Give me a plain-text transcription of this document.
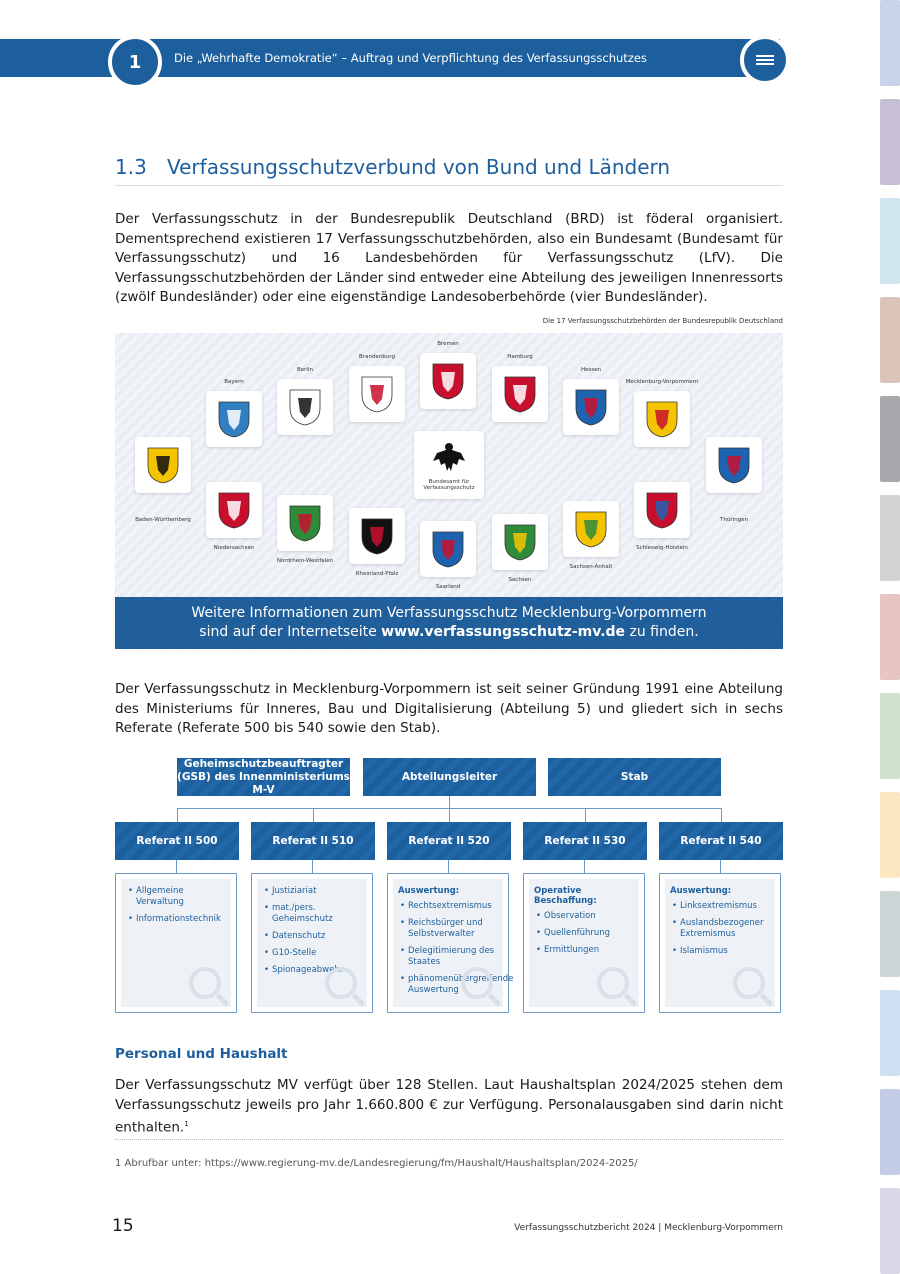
1	Die „Wehrhafte Demokratie“ – Auftrag und Verpflichtung des Verfassungsschutzes
1.3 Verfassungsschutzverbund von Bund und Ländern

Der Verfassungsschutz in der Bundesrepublik Deutschland (BRD) ist föderal organisiert. Dementsprechend existieren 17 Verfassungsschutzbehörden, also ein Bundesamt (Bundesamt für Verfassungsschutz) und 16 Landesbehörden für Verfassungsschutz (LfV). Die Verfassungsschutzbehörden der Länder sind entweder eine Abteilung des jeweiligen Innenressorts (zwölf Bundesländer) oder eine eigenständige Landesoberbehörde (vier Bundesländer).

Die 17 Verfassungsschutzbehörden der Bundesrepublik Deutschland
Bundesamt für Verfassungsschutz
Baden-Württemberg
Bayern
Berlin
Brandenburg
Bremen
Hamburg
Hessen
Mecklenburg-Vorpommern
Thüringen
Niedersachsen
Nordrhein-Westfalen
Rheinland-Pfalz
Saarland
Sachsen
Sachsen-Anhalt
Schleswig-Holstein
Weitere Informationen zum Verfassungsschutz Mecklenburg-Vorpommern
sind auf der Internetseite www.verfassungsschutz-mv.de zu finden.

Der Verfassungsschutz in Mecklenburg-Vorpommern ist seit seiner Gründung 1991 eine Abteilung des Ministeriums für Inneres, Bau und Digitalisierung (Abteilung 5) und gliedert sich in sechs Referate (Referate 500 bis 540 sowie den Stab).

Geheimschutzbeauftragter (GSB) des Innenministeriums M-V
Abteilungsleiter	Stab
Referat II 500
• Allgemeine Verwaltung
• Informationstechnik
Referat II 510
• Justiziariat
• mat./pers. Geheimschutz
• Datenschutz
• G10-Stelle
• Spionageabwehr
Referat II 520
Auswertung:
• Rechtsextremismus
• Reichsbürger und Selbstverwalter
• Delegitimierung des Staates
• phänomenübergreifende Auswertung
Referat II 530
Operative Beschaffung:
• Observation
• Quellenführung
• Ermittlungen
Referat II 540
Auswertung:
• Linksextremismus
• Auslandsbezogener Extremismus
• Islamismus
Personal und Haushalt

Der Verfassungsschutz MV verfügt über 128 Stellen. Laut Haushaltsplan 2024/2025 stehen dem Verfassungsschutz jeweils pro Jahr 1.660.800 € zur Verfügung. Personalausgaben sind darin nicht enthalten.$^1$

1 Abrufbar unter: https://www.regierung-mv.de/Landesregierung/fm/Haushalt/Haushaltsplan/2024-2025/
15	Verfassungsschutzbericht 2024 | Mecklenburg-Vorpommern
